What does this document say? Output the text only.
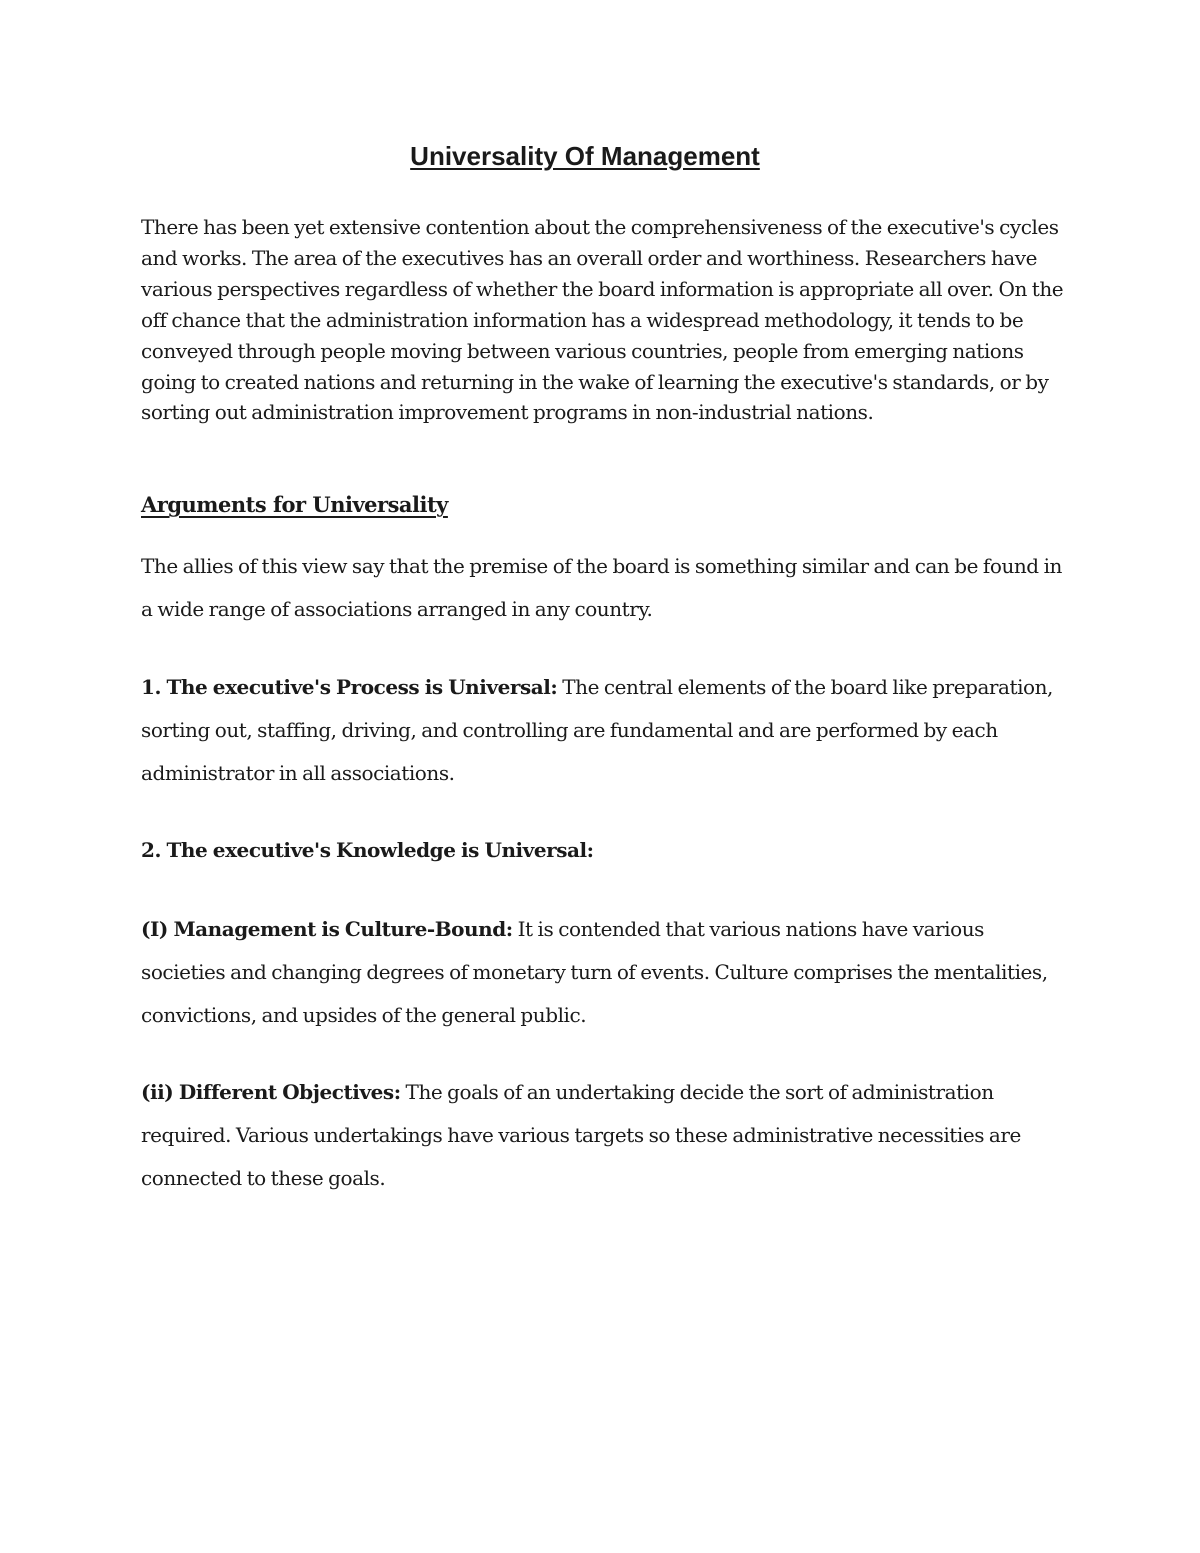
Universality Of Management

There has been yet extensive contention about the comprehensiveness of the executive's cycles and works. The area of the executives has an overall order and worthiness. Researchers have various perspectives regardless of whether the board information is appropriate all over. On the off chance that the administration information has a widespread methodology, it tends to be conveyed through people moving between various countries, people from emerging nations going to created nations and returning in the wake of learning the executive's standards, or by sorting out administration improvement programs in non-industrial nations.

Arguments for Universality

The allies of this view say that the premise of the board is something similar and can be found in a wide range of associations arranged in any country.

1. The executive's Process is Universal: The central elements of the board like preparation, sorting out, staffing, driving, and controlling are fundamental and are performed by each administrator in all associations.

2. The executive's Knowledge is Universal:

(I) Management is Culture-Bound: It is contended that various nations have various societies and changing degrees of monetary turn of events. Culture comprises the mentalities, convictions, and upsides of the general public.

(ii) Different Objectives: The goals of an undertaking decide the sort of administration required. Various undertakings have various targets so these administrative necessities are connected to these goals.
